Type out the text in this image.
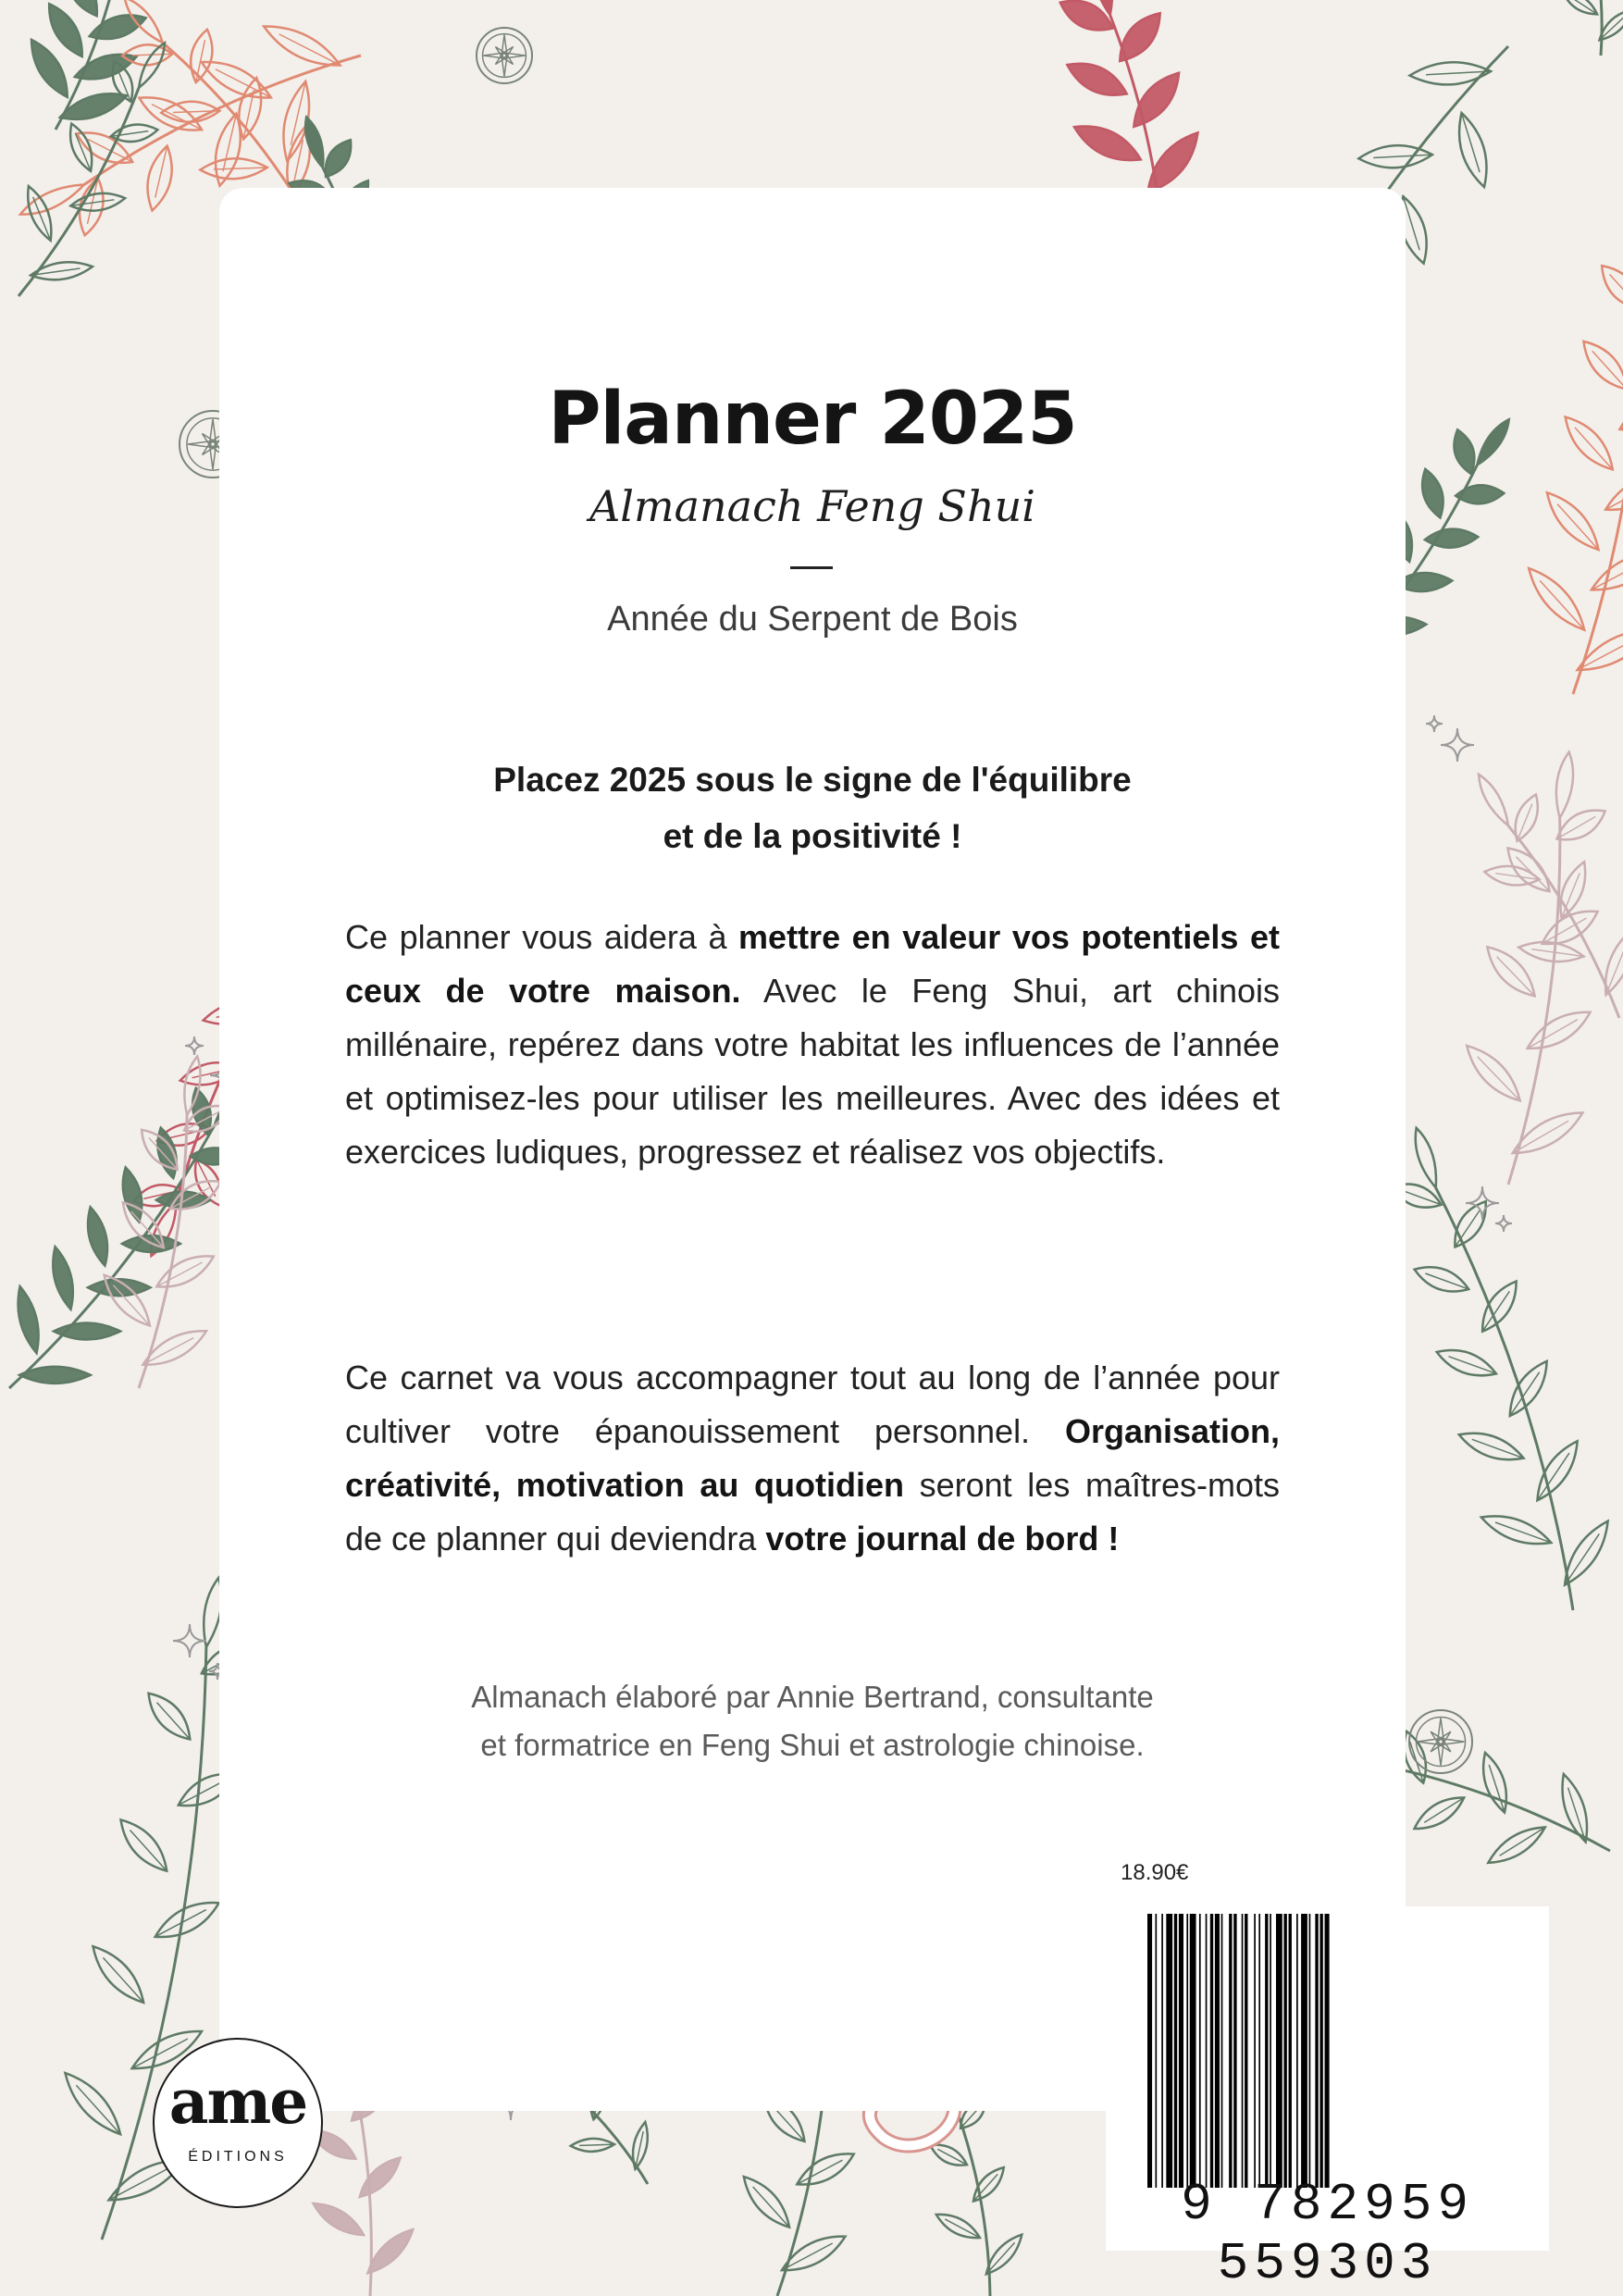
Planner 2025
Almanach Feng Shui
Année du Serpent de Bois
Placez 2025 sous le signe de l'équilibre
et de la positivité !
Ce planner vous aidera à mettre en valeur vos potentiels et ceux de votre maison. Avec le Feng Shui, art chinois millénaire, repérez dans votre habitat les influences de l’année et optimisez-les pour utiliser les meilleures. Avec des idées et exercices ludiques, progressez et réalisez vos objectifs.
Ce carnet va vous accompagner tout au long de l’année pour cultiver votre épanouissement personnel. Organisation, créativité, motivation au quotidien seront les maîtres-mots de ce planner qui deviendra votre journal de bord !
Almanach élaboré par Annie Bertrand, consultante
et formatrice en Feng Shui et astrologie chinoise.
18.90€
9 782959 559303
ame
ÉDITIONS
